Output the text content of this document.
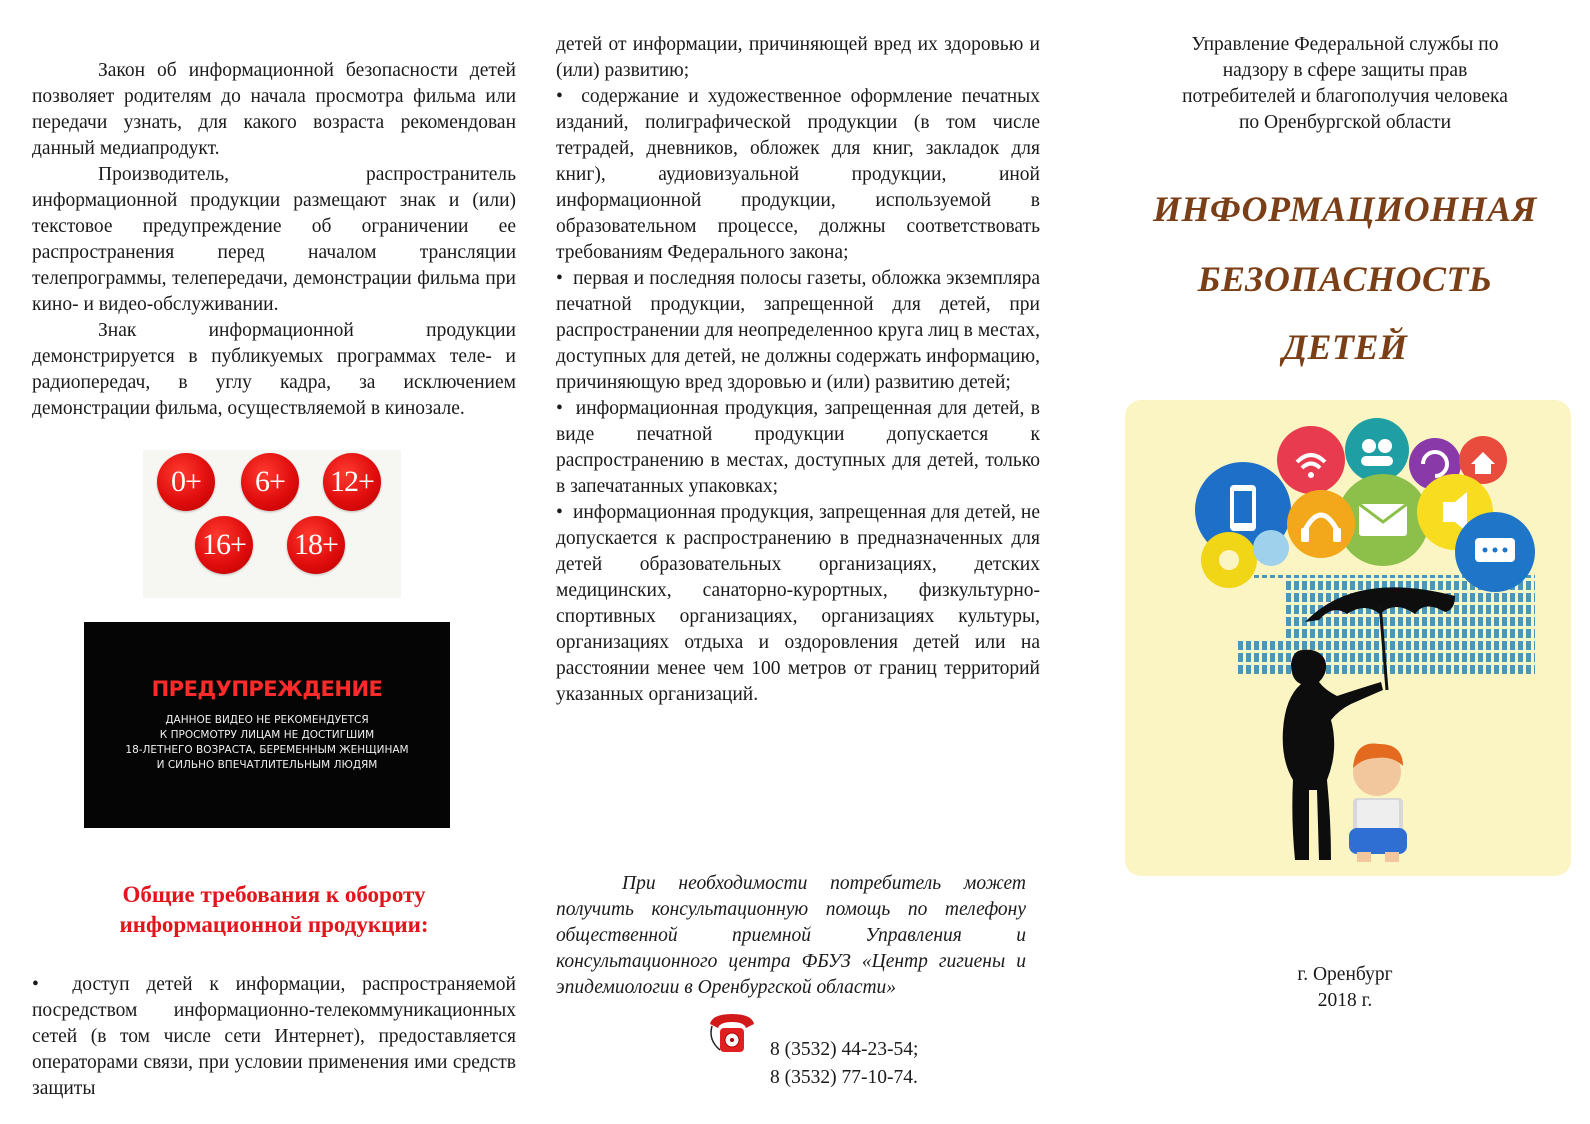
Закон об информационной безопасности детей позволяет родителям до начала просмотра фильма или передачи узнать, для какого возраста рекомендован данный медиапродукт.

Производитель, распространитель информационной продукции размещают знак и (или) текстовое предупреждение об ограничении ее распространения перед началом трансляции телепрограммы, телепередачи, демонстрации фильма при кино- и видео-обслуживании.

Знак информационной продукции демонстрируется в публикуемых программах теле- и радиопередач, в углу кадра, за исключением демонстрации фильма, осуществляемой в кинозале.

0+	6+	12+
16+ 18+
ПРЕДУПРЕЖДЕНИЕ
ДАННОЕ ВИДЕО НЕ РЕКОМЕНДУЕТСЯ
К ПРОСМОТРУ ЛИЦАМ НЕ ДОСТИГШИМ
18-ЛЕТНЕГО ВОЗРАСТА, БЕРЕМЕННЫМ ЖЕНЩИНАМ
И СИЛЬНО ВПЕЧАТЛИТЕЛЬНЫМ ЛЮДЯМ
Общие требования к обороту
информационной продукции:

•  доступ детей к информации, распространяемой посредством информационно-телекоммуникационных сетей (в том числе сети Интернет), предоставляется операторами связи, при условии применения ими средств защиты

детей от информации, причиняющей вред их здоровью и (или) развитию;

•  содержание и художественное оформление печатных изданий, полиграфической продукции (в том числе тетрадей, дневников, обложек для книг, закладок для книг), аудиовизуальной продукции, иной информационной продукции, используемой в образовательном процессе, должны соответствовать требованиям Федерального закона;

•  первая и последняя полосы газеты, обложка экземпляра печатной продукции, запрещенной для детей, при распространении для неопределенноо круга лиц в местах, доступных для детей, не должны содержать информацию, причиняющую вред здоровью и (или) развитию детей;

•  информационная продукция, запрещенная для детей, в виде печатной продукции допускается к распространению в местах, доступных для детей, только в запечатанных упаковках;

•  информационная продукция, запрещенная для детей, не допускается к распространению в предназначенных для детей образовательных организациях, детских медицинских, санаторно-курортных, физкультурно-спортивных организациях, организациях культуры, организациях отдыха и оздоровления детей или на расстоянии менее чем 100 метров от границ территорий указанных организаций.

При необходимости потребитель может получить консультационную помощь по телефону общественной приемной Управления и консультационного центра ФБУЗ «Центр гигиены и эпидемиологии в Оренбургской области»

8 (3532) 44-23-54;
8 (3532) 77-10-74.
Управление Федеральной службы по
надзору в сфере защиты прав
потребителей и благополучия человека
по Оренбургской области
ИНФОРМАЦИОННАЯ
БЕЗОПАСНОСТЬ
ДЕТЕЙ
г. Оренбург
2018 г.
